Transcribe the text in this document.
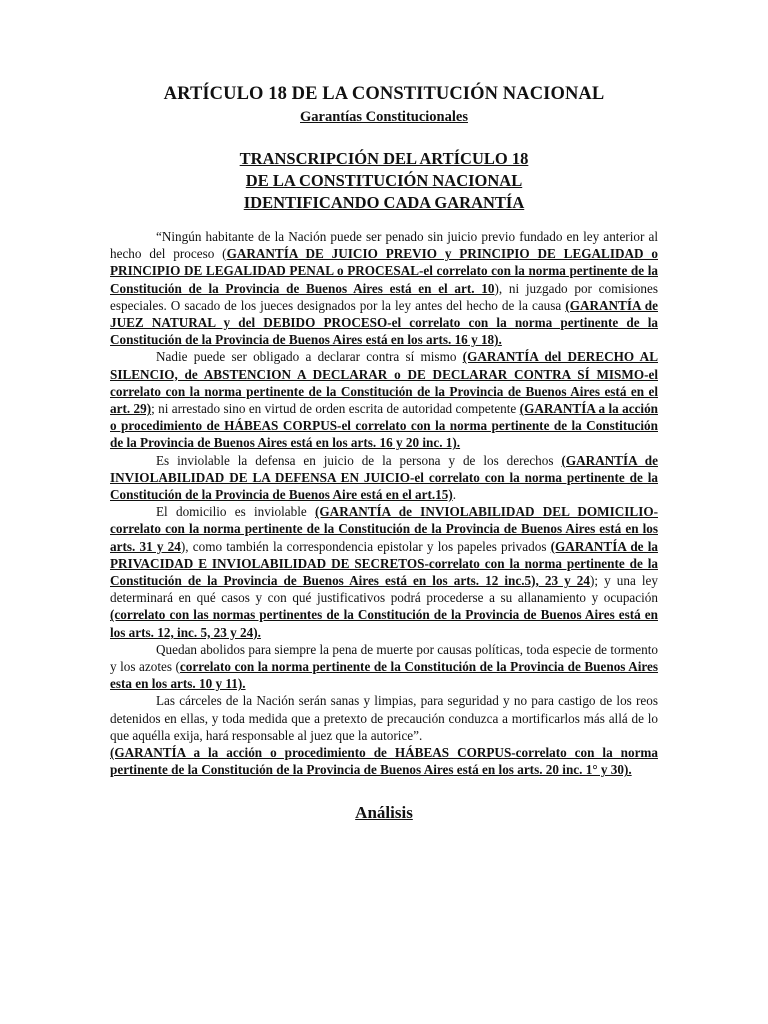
ARTÍCULO 18 DE LA CONSTITUCIÓN NACIONAL
Garantías Constitucionales
TRANSCRIPCIÓN DEL ARTÍCULO 18
DE LA CONSTITUCIÓN NACIONAL
IDENTIFICANDO CADA GARANTÍA

“Ningún habitante de la Nación puede ser penado sin juicio previo fundado en ley anterior al hecho del proceso (GARANTÍA DE JUICIO PREVIO y PRINCIPIO DE LEGALIDAD o PRINCIPIO DE LEGALIDAD PENAL o PROCESAL-el correlato con la norma pertinente de la Constitución de la Provincia de Buenos Aires está en el art. 10), ni juzgado por comisiones especiales. O sacado de los jueces designados por la ley antes del hecho de la causa (GARANTÍA de JUEZ NATURAL y del DEBIDO PROCESO-el correlato con la norma pertinente de la Constitución de la Provincia de Buenos Aires está en los arts. 16 y 18).

Nadie puede ser obligado a declarar contra sí mismo (GARANTÍA del DERECHO AL SILENCIO, de ABSTENCION A DECLARAR o DE DECLARAR CONTRA SÍ MISMO-el correlato con la norma pertinente de la Constitución de la Provincia de Buenos Aires está en el art. 29); ni arrestado sino en virtud de orden escrita de autoridad competente (GARANTÍA a la acción o procedimiento de HÁBEAS CORPUS-el correlato con la norma pertinente de la Constitución de la Provincia de Buenos Aires está en los arts. 16 y 20 inc. 1).

Es inviolable la defensa en juicio de la persona y de los derechos (GARANTÍA de INVIOLABILIDAD DE LA DEFENSA EN JUICIO-el correlato con la norma pertinente de la Constitución de la Provincia de Buenos Aire está en el art.15).

El domicilio es inviolable (GARANTÍA de INVIOLABILIDAD DEL DOMICILIO-correlato con la norma pertinente de la Constitución de la Provincia de Buenos Aires está en los arts. 31 y 24), como también la correspondencia epistolar y los papeles privados (GARANTÍA de la PRIVACIDAD E INVIOLABILIDAD DE SECRETOS-correlato con la norma pertinente de la Constitución de la Provincia de Buenos Aires está en los arts. 12 inc.5), 23 y 24); y una ley determinará en qué casos y con qué justificativos podrá procederse a su allanamiento y ocupación (correlato con las normas pertinentes de la Constitución de la Provincia de Buenos Aires está en los arts. 12, inc. 5, 23 y 24).

Quedan abolidos para siempre la pena de muerte por causas políticas, toda especie de tormento y los azotes (correlato con la norma pertinente de la Constitución de la Provincia de Buenos Aires esta en los arts. 10 y 11).

Las cárceles de la Nación serán sanas y limpias, para seguridad y no para castigo de los reos detenidos en ellas, y toda medida que a pretexto de precaución conduzca a mortificarlos más allá de lo que aquélla exija, hará responsable al juez que la autorice”.

(GARANTÍA a la acción o procedimiento de HÁBEAS CORPUS-correlato con la norma pertinente de la Constitución de la Provincia de Buenos Aires está en los arts. 20 inc. 1° y 30).

Análisis
